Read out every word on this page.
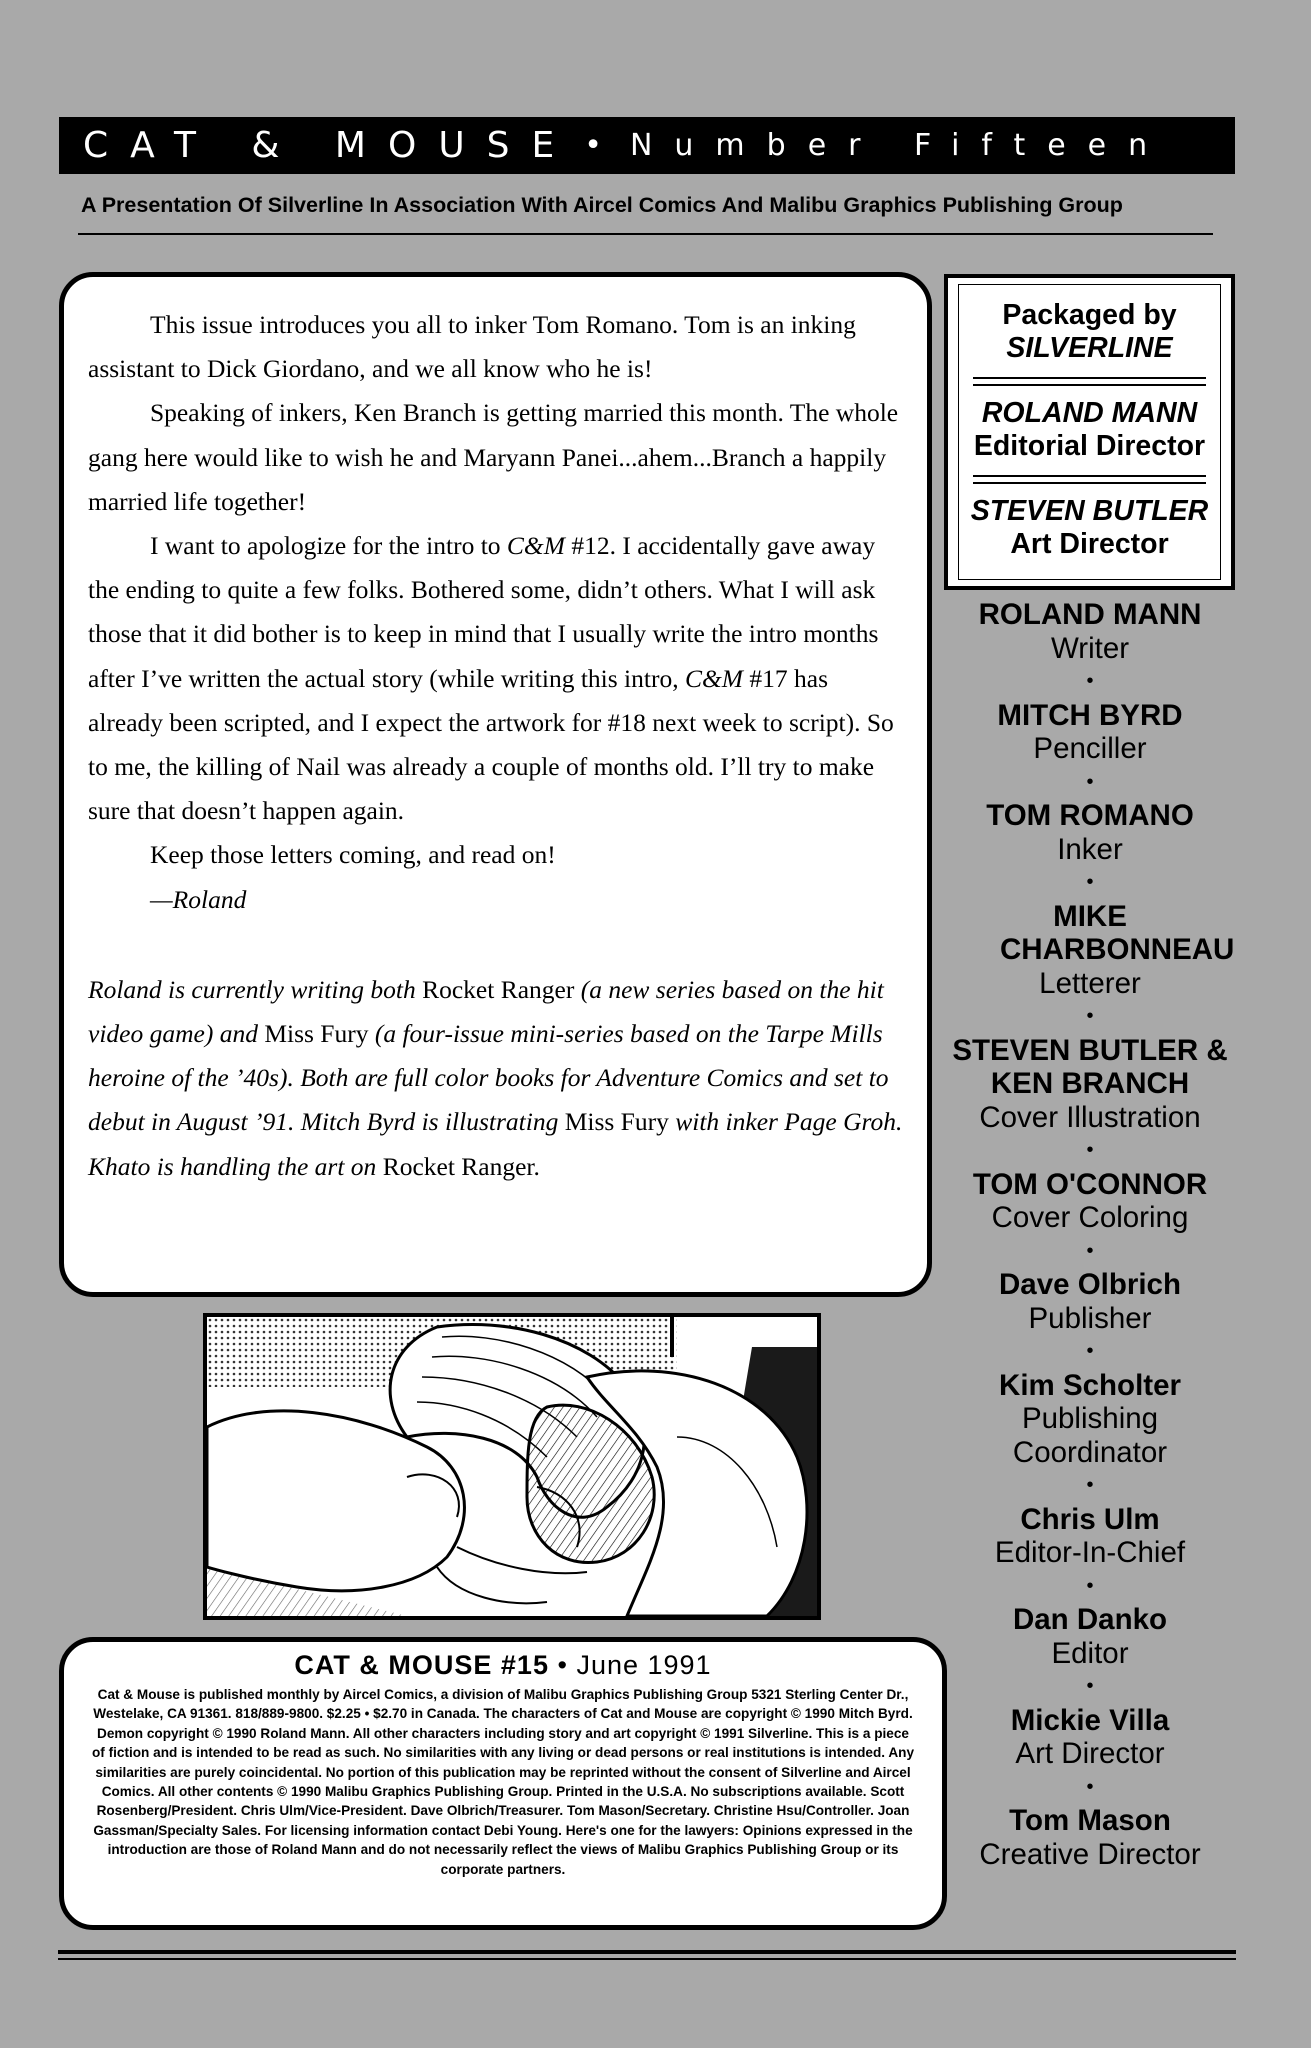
CAT & MOUSE • Number Fifteen
A Presentation Of Silverline In Association With Aircel Comics And Malibu Graphics Publishing Group

This issue introduces you all to inker Tom Romano. Tom is an inking assistant to Dick Giordano, and we all know who he is!

Speaking of inkers, Ken Branch is getting married this month. The whole gang here would like to wish he and Maryann Panei...ahem...Branch a happily married life together!

I want to apologize for the intro to C&M #12. I accidentally gave away the ending to quite a few folks. Bothered some, didn’t others. What I will ask those that it did bother is to keep in mind that I usually write the intro months after I’ve written the actual story (while writing this intro, C&M #17 has already been scripted, and I expect the artwork for #18 next week to script). So to me, the killing of Nail was already a couple of months old. I’ll try to make sure that doesn’t happen again.

Keep those letters coming, and read on!

—Roland

Roland is currently writing both Rocket Ranger (a new series based on the hit video game) and Miss Fury (a four-issue mini-series based on the Tarpe Mills heroine of the ’40s). Both are full color books for Adventure Comics and set to debut in August ’91. Mitch Byrd is illustrating Miss Fury with inker Page Groh. Khato is handling the art on Rocket Ranger.

Packaged by
SILVERLINE
ROLAND MANN
Editorial Director
STEVEN BUTLER
Art Director
ROLAND MANN
Writer
•
MITCH BYRD
Penciller
•
TOM ROMANO
Inker
•
MIKE CHARBONNEAU
Letterer
•
STEVEN BUTLER & KEN BRANCH
Cover Illustration
•
TOM O'CONNOR
Cover Coloring
•
Dave Olbrich
Publisher
•
Kim Scholter
Publishing Coordinator
•
Chris Ulm
Editor-In-Chief
•
Dan Danko
Editor
•
Mickie Villa
Art Director
•
Tom Mason
Creative Director
CAT & MOUSE #15 • June 1991
Cat & Mouse is published monthly by Aircel Comics, a division of Malibu Graphics Publishing Group 5321 Sterling Center Dr., Westelake, CA 91361. 818/889-9800. $2.25 • $2.70 in Canada. The characters of Cat and Mouse are copyright © 1990 Mitch Byrd. Demon copyright © 1990 Roland Mann. All other characters including story and art copyright © 1991 Silverline. This is a piece of fiction and is intended to be read as such. No similarities with any living or dead persons or real institutions is intended. Any similarities are purely coincidental. No portion of this publication may be reprinted without the consent of Silverline and Aircel Comics. All other contents © 1990 Malibu Graphics Publishing Group. Printed in the U.S.A. No subscriptions available. Scott Rosenberg/President. Chris Ulm/Vice-President. Dave Olbrich/Treasurer. Tom Mason/Secretary. Christine Hsu/Controller. Joan Gassman/Specialty Sales. For licensing information contact Debi Young. Here's one for the lawyers: Opinions expressed in the introduction are those of Roland Mann and do not necessarily reflect the views of Malibu Graphics Publishing Group or its corporate partners.
